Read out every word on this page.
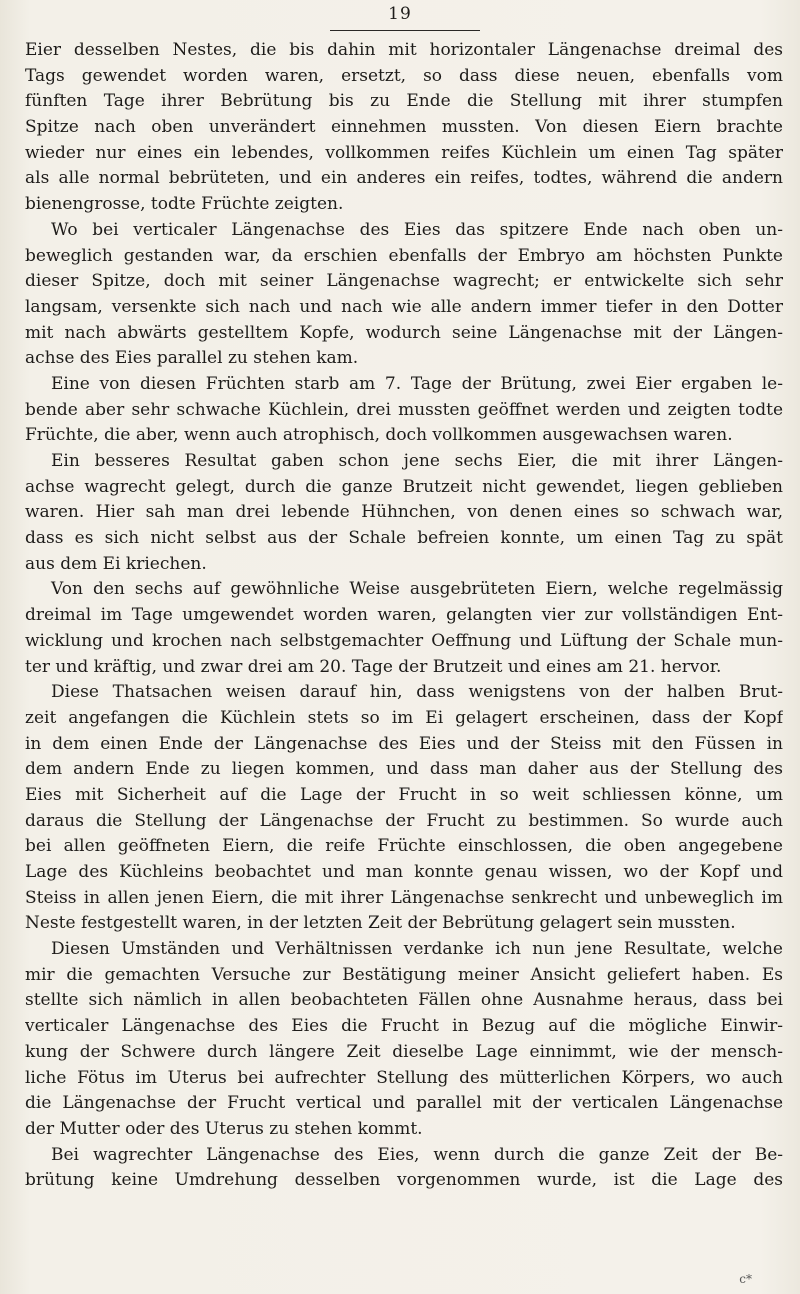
19
Eier desselben Nestes, die bis dahin mit horizontaler Längenachse dreimal des
Tags gewendet worden waren, ersetzt, so dass diese neuen, ebenfalls vom
fünften Tage ihrer Bebrütung bis zu Ende die Stellung mit ihrer stumpfen
Spitze nach oben unverändert einnehmen mussten. Von diesen Eiern brachte
wieder nur eines ein lebendes, vollkommen reifes Küchlein um einen Tag später
als alle normal bebrüteten, und ein anderes ein reifes, todtes, während die andern
bienengrosse, todte Früchte zeigten.
Wo bei verticaler Längenachse des Eies das spitzere Ende nach oben un-
beweglich gestanden war, da erschien ebenfalls der Embryo am höchsten Punkte
dieser Spitze, doch mit seiner Längenachse wagrecht; er entwickelte sich sehr
langsam, versenkte sich nach und nach wie alle andern immer tiefer in den Dotter
mit nach abwärts gestelltem Kopfe, wodurch seine Längenachse mit der Längen-
achse des Eies parallel zu stehen kam.
Eine von diesen Früchten starb am 7. Tage der Brütung, zwei Eier ergaben le-
bende aber sehr schwache Küchlein, drei mussten geöffnet werden und zeigten todte
Früchte, die aber, wenn auch atrophisch, doch vollkommen ausgewachsen waren.
Ein besseres Resultat gaben schon jene sechs Eier, die mit ihrer Längen-
achse wagrecht gelegt, durch die ganze Brutzeit nicht gewendet, liegen geblieben
waren. Hier sah man drei lebende Hühnchen, von denen eines so schwach war,
dass es sich nicht selbst aus der Schale befreien konnte, um einen Tag zu spät
aus dem Ei kriechen.
Von den sechs auf gewöhnliche Weise ausgebrüteten Eiern, welche regelmässig
dreimal im Tage umgewendet worden waren, gelangten vier zur vollständigen Ent-
wicklung und krochen nach selbstgemachter Oeffnung und Lüftung der Schale mun-
ter und kräftig, und zwar drei am 20. Tage der Brutzeit und eines am 21. hervor.
Diese Thatsachen weisen darauf hin, dass wenigstens von der halben Brut-
zeit angefangen die Küchlein stets so im Ei gelagert erscheinen, dass der Kopf
in dem einen Ende der Längenachse des Eies und der Steiss mit den Füssen in
dem andern Ende zu liegen kommen, und dass man daher aus der Stellung des
Eies mit Sicherheit auf die Lage der Frucht in so weit schliessen könne, um
daraus die Stellung der Längenachse der Frucht zu bestimmen. So wurde auch
bei allen geöffneten Eiern, die reife Früchte einschlossen, die oben angegebene
Lage des Küchleins beobachtet und man konnte genau wissen, wo der Kopf und
Steiss in allen jenen Eiern, die mit ihrer Längenachse senkrecht und unbeweglich im
Neste festgestellt waren, in der letzten Zeit der Bebrütung gelagert sein mussten.
Diesen Umständen und Verhältnissen verdanke ich nun jene Resultate, welche
mir die gemachten Versuche zur Bestätigung meiner Ansicht geliefert haben. Es
stellte sich nämlich in allen beobachteten Fällen ohne Ausnahme heraus, dass bei
verticaler Längenachse des Eies die Frucht in Bezug auf die mögliche Einwir-
kung der Schwere durch längere Zeit dieselbe Lage einnimmt, wie der mensch-
liche Fötus im Uterus bei aufrechter Stellung des mütterlichen Körpers, wo auch
die Längenachse der Frucht vertical und parallel mit der verticalen Längenachse
der Mutter oder des Uterus zu stehen kommt.
Bei wagrechter Längenachse des Eies, wenn durch die ganze Zeit der Be-
brütung keine Umdrehung desselben vorgenommen wurde, ist die Lage des
c*
